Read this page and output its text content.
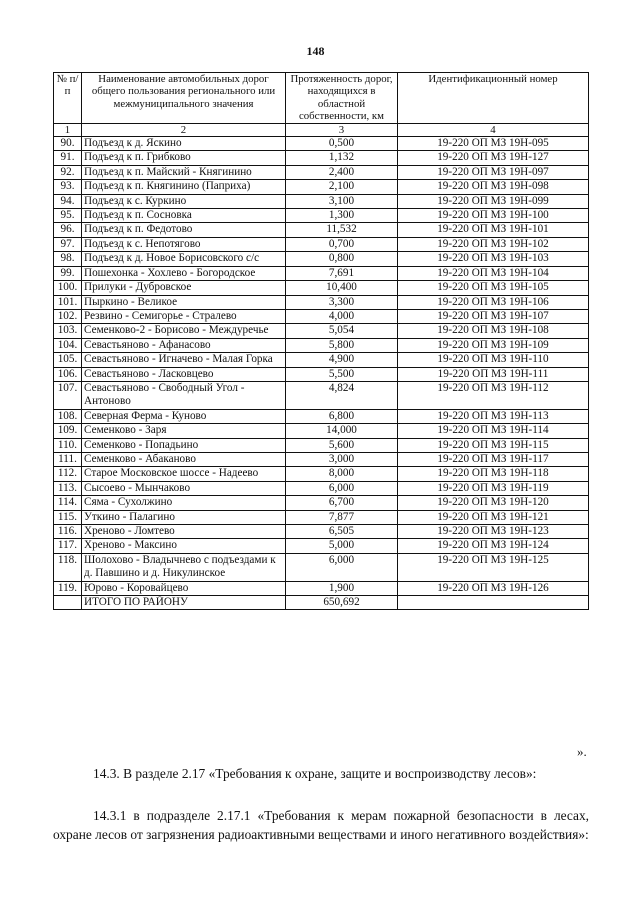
148
№ п/п	Наименование автомобильных дорог общего пользования регионального или межмуниципального значения	Протяженность дорог, находящихся в областной собственности, км	Идентификационный номер
1	2	3	4
90.	Подъезд к д. Яскино	0,500	19-220 ОП МЗ 19Н-095
91.	Подъезд к п. Грибково	1,132	19-220 ОП МЗ 19Н-127
92.	Подъезд к п. Майский - Княгинино	2,400	19-220 ОП МЗ 19Н-097
93.	Подъезд к п. Княгинино (Паприха)	2,100	19-220 ОП МЗ 19Н-098
94.	Подъезд к с. Куркино	3,100	19-220 ОП МЗ 19Н-099
95.	Подъезд к п. Сосновка	1,300	19-220 ОП МЗ 19Н-100
96.	Подъезд к п. Федотово	11,532	19-220 ОП МЗ 19Н-101
97.	Подъезд к с. Непотягово	0,700	19-220 ОП МЗ 19Н-102
98.	Подъезд к д. Новое Борисовского с/с	0,800	19-220 ОП МЗ 19Н-103
99.	Пошехонка - Хохлево - Богородское	7,691	19-220 ОП МЗ 19Н-104
100.	Прилуки - Дубровское	10,400	19-220 ОП МЗ 19Н-105
101.	Пыркино - Великое	3,300	19-220 ОП МЗ 19Н-106
102.	Резвино - Семигорье - Стралево	4,000	19-220 ОП МЗ 19Н-107
103.	Семенково-2 - Борисово - Междуречье	5,054	19-220 ОП МЗ 19Н-108
104.	Севастьяново - Афанасово	5,800	19-220 ОП МЗ 19Н-109
105.	Севастьяново - Игначево - Малая Горка	4,900	19-220 ОП МЗ 19Н-110
106.	Севастьяново - Ласковцево	5,500	19-220 ОП МЗ 19Н-111
107.	Севастьяново - Свободный Угол - Антоново	4,824	19-220 ОП МЗ 19Н-112
108.	Северная Ферма - Куново	6,800	19-220 ОП МЗ 19Н-113
109.	Семенково - Заря	14,000	19-220 ОП МЗ 19Н-114
110.	Семенково - Попадьино	5,600	19-220 ОП МЗ 19Н-115
111.	Семенково - Абаканово	3,000	19-220 ОП МЗ 19Н-117
112.	Старое Московское шоссе - Надеево	8,000	19-220 ОП МЗ 19Н-118
113.	Сысоево - Мынчаково	6,000	19-220 ОП МЗ 19Н-119
114.	Сяма - Сухолжино	6,700	19-220 ОП МЗ 19Н-120
115.	Уткино - Палагино	7,877	19-220 ОП МЗ 19Н-121
116.	Хреново - Ломтево	6,505	19-220 ОП МЗ 19Н-123
117.	Хреново - Максино	5,000	19-220 ОП МЗ 19Н-124
118.	Шолохово - Владычнево с подъездами к д. Павшино и д. Никулинское	6,000	19-220 ОП МЗ 19Н-125
119.	Юрово - Коровайцево	1,900	19-220 ОП МЗ 19Н-126
	ИТОГО ПО РАЙОНУ	650,692	
».
14.3. В разделе 2.17 «Требования к охране, защите и воспроизводству лесов»:
14.3.1 в подразделе 2.17.1 «Требования к мерам пожарной безопасности в лесах, охране лесов от загрязнения радиоактивными веществами и иного негативного воздействия»:
